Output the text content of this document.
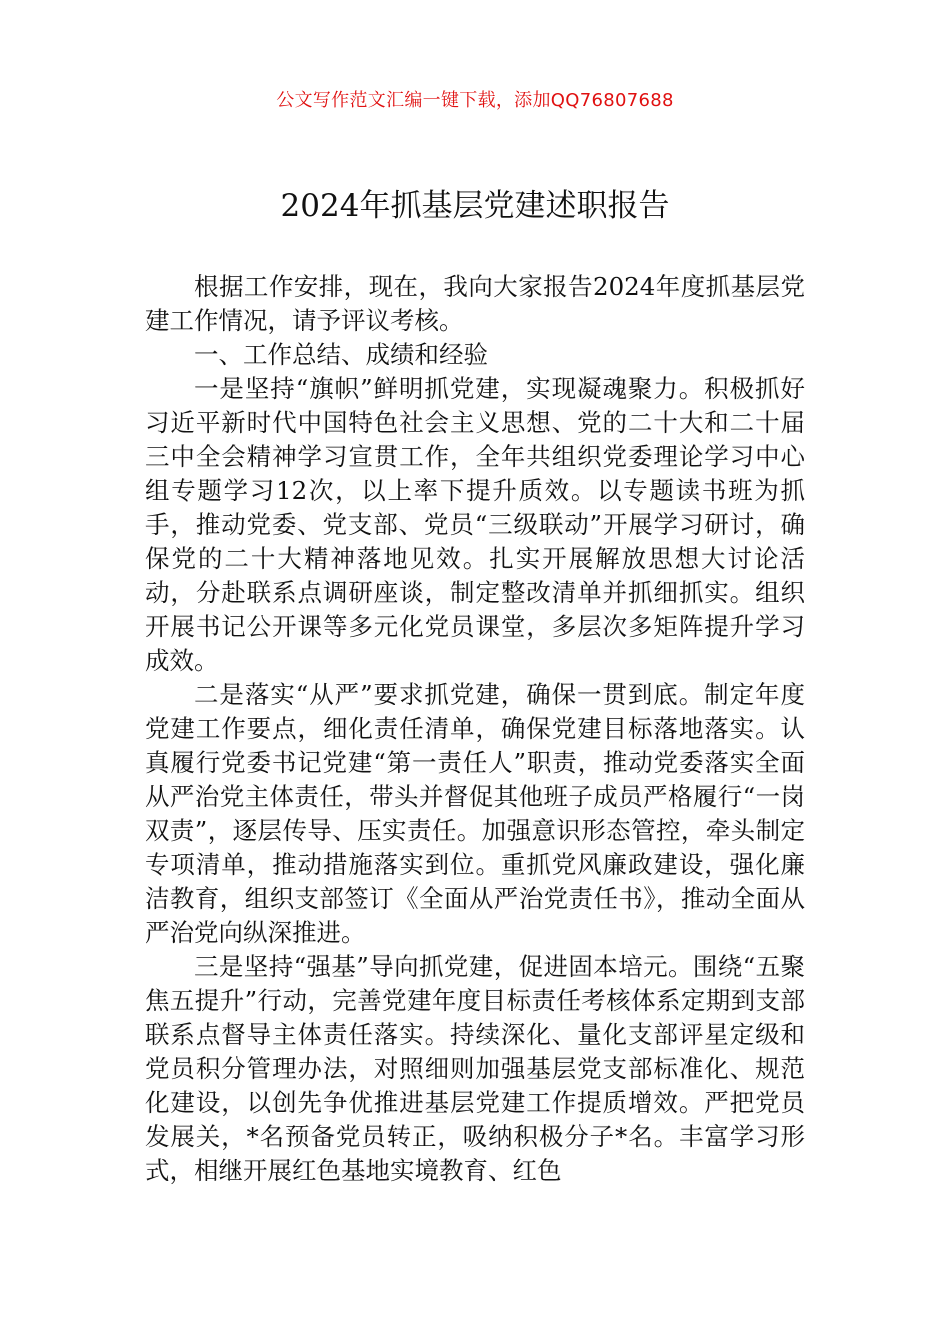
公文写作范文汇编一键下载，添加QQ76807688
2024年抓基层党建述职报告

根据工作安排，现在，我向大家报告2024年度抓基层党建工作情况，请予评议考核。

一、工作总结、成绩和经验

一是坚持“旗帜”鲜明抓党建，实现凝魂聚力。积极抓好习近平新时代中国特色社会主义思想、党的二十大和二十届三中全会精神学习宣贯工作，全年共组织党委理论学习中心组专题学习12次，以上率下提升质效。以专题读书班为抓手，推动党委、党支部、党员“三级联动”开展学习研讨，确保党的二十大精神落地见效。扎实开展解放思想大讨论活动，分赴联系点调研座谈，制定整改清单并抓细抓实。组织开展书记公开课等多元化党员课堂，多层次多矩阵提升学习成效。

二是落实“从严”要求抓党建，确保一贯到底。制定年度党建工作要点，细化责任清单，确保党建目标落地落实。认真履行党委书记党建“第一责任人”职责，推动党委落实全面从严治党主体责任，带头并督促其他班子成员严格履行“一岗双责”，逐层传导、压实责任。加强意识形态管控，牵头制定专项清单，推动措施落实到位。重抓党风廉政建设，强化廉洁教育，组织支部签订《全面从严治党责任书》，推动全面从严治党向纵深推进。

三是坚持“强基”导向抓党建，促进固本培元。围绕“五聚焦五提升”行动，完善党建年度目标责任考核体系定期到支部联系点督导主体责任落实。持续深化、量化支部评星定级和党员积分管理办法，对照细则加强基层党支部标准化、规范化建设，以创先争优推进基层党建工作提质增效。严把党员发展关，*名预备党员转正，吸纳积极分子*名。丰富学习形式，相继开展红色基地实境教育、红色
